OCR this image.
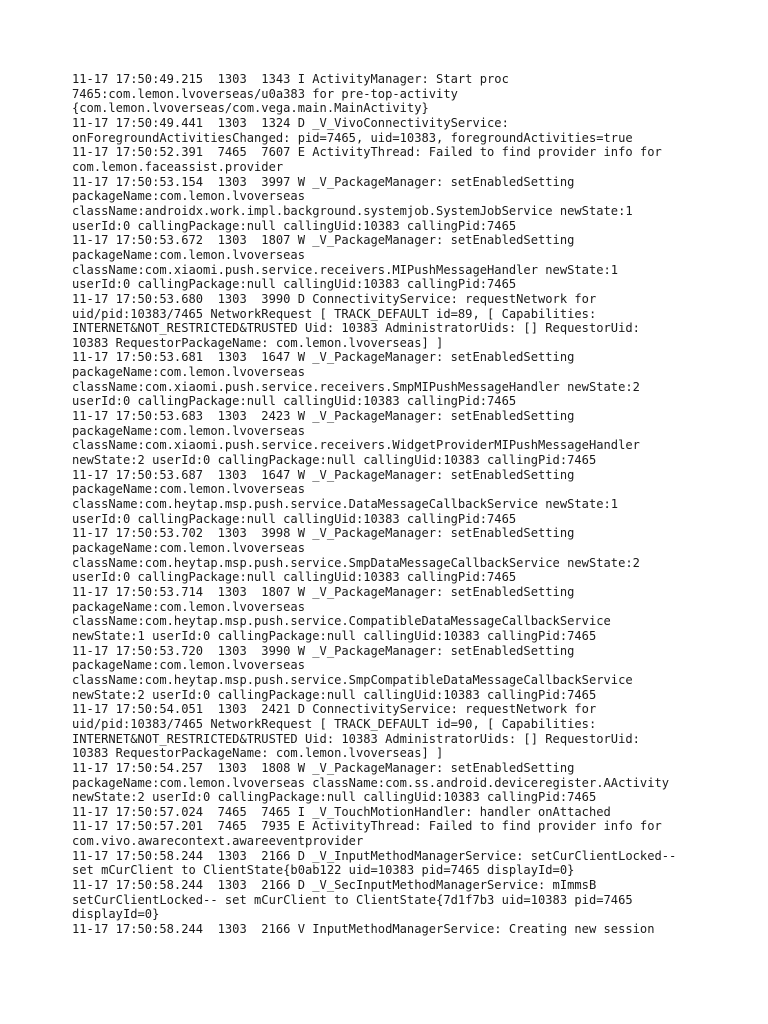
11-17 17:50:49.215  1303  1343 I ActivityManager: Start proc
7465:com.lemon.lvoverseas/u0a383 for pre-top-activity
{com.lemon.lvoverseas/com.vega.main.MainActivity}
11-17 17:50:49.441  1303  1324 D _V_VivoConnectivityService:
onForegroundActivitiesChanged: pid=7465, uid=10383, foregroundActivities=true
11-17 17:50:52.391  7465  7607 E ActivityThread: Failed to find provider info for
com.lemon.faceassist.provider
11-17 17:50:53.154  1303  3997 W _V_PackageManager: setEnabledSetting
packageName:com.lemon.lvoverseas
className:androidx.work.impl.background.systemjob.SystemJobService newState:1
userId:0 callingPackage:null callingUid:10383 callingPid:7465
11-17 17:50:53.672  1303  1807 W _V_PackageManager: setEnabledSetting
packageName:com.lemon.lvoverseas
className:com.xiaomi.push.service.receivers.MIPushMessageHandler newState:1
userId:0 callingPackage:null callingUid:10383 callingPid:7465
11-17 17:50:53.680  1303  3990 D ConnectivityService: requestNetwork for
uid/pid:10383/7465 NetworkRequest [ TRACK_DEFAULT id=89, [ Capabilities:
INTERNET&NOT_RESTRICTED&TRUSTED Uid: 10383 AdministratorUids: [] RequestorUid:
10383 RequestorPackageName: com.lemon.lvoverseas] ]
11-17 17:50:53.681  1303  1647 W _V_PackageManager: setEnabledSetting
packageName:com.lemon.lvoverseas
className:com.xiaomi.push.service.receivers.SmpMIPushMessageHandler newState:2
userId:0 callingPackage:null callingUid:10383 callingPid:7465
11-17 17:50:53.683  1303  2423 W _V_PackageManager: setEnabledSetting
packageName:com.lemon.lvoverseas
className:com.xiaomi.push.service.receivers.WidgetProviderMIPushMessageHandler
newState:2 userId:0 callingPackage:null callingUid:10383 callingPid:7465
11-17 17:50:53.687  1303  1647 W _V_PackageManager: setEnabledSetting
packageName:com.lemon.lvoverseas
className:com.heytap.msp.push.service.DataMessageCallbackService newState:1
userId:0 callingPackage:null callingUid:10383 callingPid:7465
11-17 17:50:53.702  1303  3998 W _V_PackageManager: setEnabledSetting
packageName:com.lemon.lvoverseas
className:com.heytap.msp.push.service.SmpDataMessageCallbackService newState:2
userId:0 callingPackage:null callingUid:10383 callingPid:7465
11-17 17:50:53.714  1303  1807 W _V_PackageManager: setEnabledSetting
packageName:com.lemon.lvoverseas
className:com.heytap.msp.push.service.CompatibleDataMessageCallbackService
newState:1 userId:0 callingPackage:null callingUid:10383 callingPid:7465
11-17 17:50:53.720  1303  3990 W _V_PackageManager: setEnabledSetting
packageName:com.lemon.lvoverseas
className:com.heytap.msp.push.service.SmpCompatibleDataMessageCallbackService
newState:2 userId:0 callingPackage:null callingUid:10383 callingPid:7465
11-17 17:50:54.051  1303  2421 D ConnectivityService: requestNetwork for
uid/pid:10383/7465 NetworkRequest [ TRACK_DEFAULT id=90, [ Capabilities:
INTERNET&NOT_RESTRICTED&TRUSTED Uid: 10383 AdministratorUids: [] RequestorUid:
10383 RequestorPackageName: com.lemon.lvoverseas] ]
11-17 17:50:54.257  1303  1808 W _V_PackageManager: setEnabledSetting
packageName:com.lemon.lvoverseas className:com.ss.android.deviceregister.AActivity
newState:2 userId:0 callingPackage:null callingUid:10383 callingPid:7465
11-17 17:50:57.024  7465  7465 I _V_TouchMotionHandler: handler onAttached
11-17 17:50:57.201  7465  7935 E ActivityThread: Failed to find provider info for
com.vivo.awarecontext.awareeventprovider
11-17 17:50:58.244  1303  2166 D _V_InputMethodManagerService: setCurClientLocked--
set mCurClient to ClientState{b0ab122 uid=10383 pid=7465 displayId=0}
11-17 17:50:58.244  1303  2166 D _V_SecInputMethodManagerService: mImmsB
setCurClientLocked-- set mCurClient to ClientState{7d1f7b3 uid=10383 pid=7465
displayId=0}
11-17 17:50:58.244  1303  2166 V InputMethodManagerService: Creating new session
